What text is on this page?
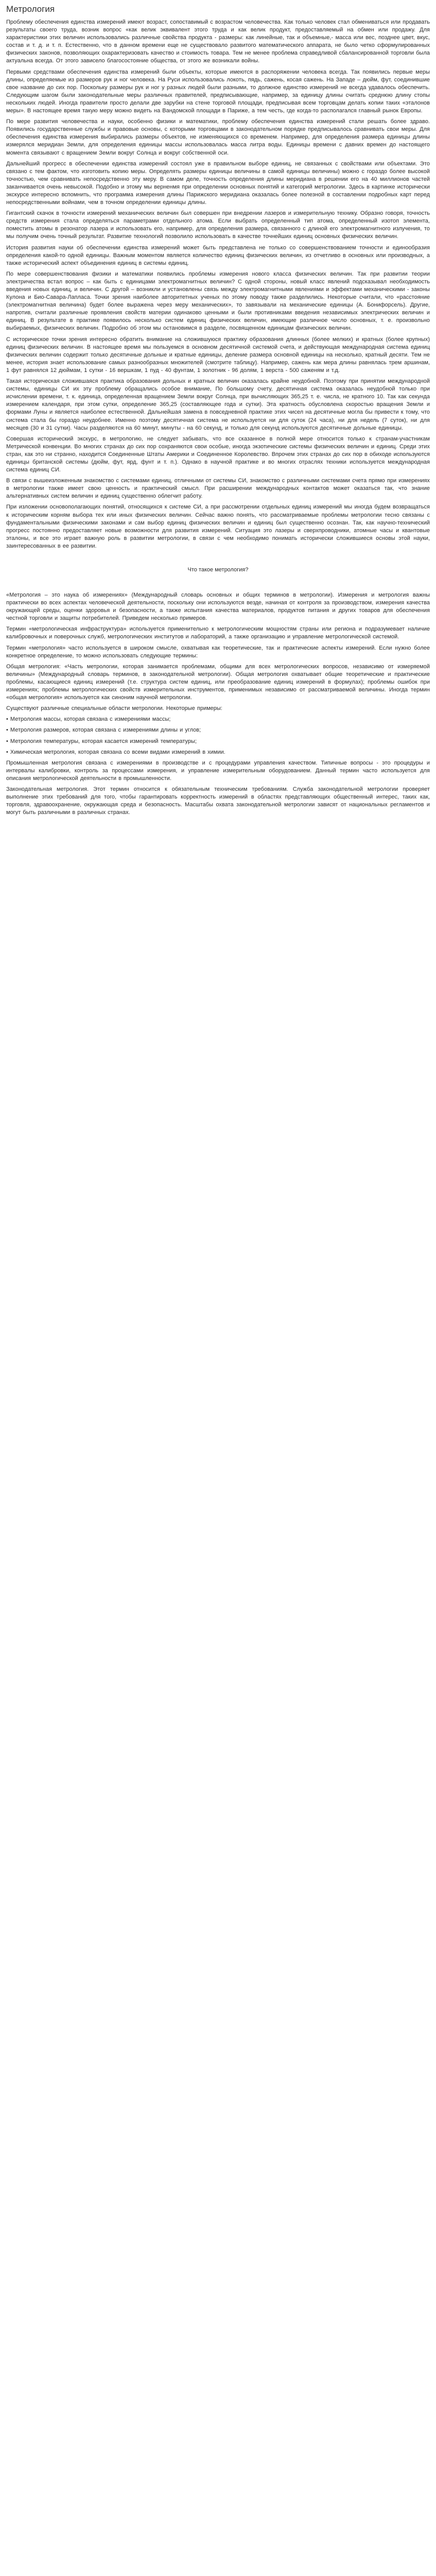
Метрология

Проблему обеспечения единства измерений имеют возраст, сопоставимый с возрастом человечества. Как только человек стал обмениваться или продавать результаты своего труда, возник вопрос «как велик эквивалент этого труда и как велик продукт, предоставляемый на обмен или продажу. Для характеристики этих величин использовались различные свойства продукта - размеры: как линейные, так и объемные,- масса или вес, позднее цвет, вкус, состав и т. д. и т. п. Естественно, что в данном времени еще не существовало развитого математического аппарата, не было четко сформулированных физических законов, позволяющих охарактеризовать качество и стоимость товара. Тем не менее проблема справедливой сбалансированной торговли была актуальна всегда. От этого зависело благосостояние общества, от этого же возникали войны.

Первыми средствами обеспечения единства измерений были объекты, которые имеются в распоряжении человека всегда. Так появились первые меры длины, определяемые из размеров рук и ног человека. На Руси использовались локоть, пядь, сажень, косая сажень. На Западе – дюйм, фут, соединившие свое название до сих пор. Поскольку размеры рук и ног у разных людей были разными, то должное единство измерений не всегда удавалось обеспечить. Следующим шагом были законодательные меры различных правителей, предписывающие, например, за единицу длины считать среднюю длину стопы нескольких людей. Иногда правители просто делали две зарубки на стене торговой площади, предписывая всем торговцам делать копии таких «эталонов меры». В настоящее время такую меру можно видеть на Вандомской площади в Париже, а тем честь, где когда-то располагался главный рынок Европы.

По мере развития человечества и науки, особенно физики и математики, проблему обеспечения единства измерений стали решать более здраво. Появились государственные службы и правовые основы, с которыми торговцами в законодательном порядке предписывалось сравнивать свои меры. Для обеспечения единства измерения выбирались размеры объектов, не изменяющихся со временем. Например, для определения размера единицы длины измерялся меридиан Земли, для определения единицы массы использовалась масса литра воды. Единицы времени с давних времен до настоящего момента связывают с вращением Земли вокруг Солнца и вокруг собственной оси.

Дальнейший прогресс в обеспечении единства измерений состоял уже в правильном выборе единиц, не связанных с свойствами или объектами. Это связано с тем фактом, что изготовить копию меры. Определять размеры единицы величины в самой единицы величины) можно с гораздо более высокой точностью, чем сравнивать непосредственно эту меру. В самом деле, точность определения длины меридиана в решении его на 40 миллионов частей заканчивается очень невысокой. Подобно и этому мы верненмя при определении основных понятий и категорий метрологии. Здесь в картинке исторически экскурсе интересно вспомнить, что программа измерения длины Парижского меридиана оказалась более полезной в составлении подробных карт перед непосредственными войнами, чем в точном определении единицы длины.

Гигантский скачок в точности измерений механических величин был совершен при внедрении лазеров и измерительную технику. Образно говоря, точность средств измерения стала определяться параметрами отдельного атома. Если выбрать определенный тип атома, определенный изотоп элемента, поместить атомы в резонатор лазера и использовать его, например, для определения размера, связанного с длиной его электромагнитного излучения, то мы получим очень точный результат. Развитие технологий позволило использовать в качестве точнейших единиц основных физических величин.

История развития науки об обеспечении единства измерений может быть представлена не только со совершенствованием точности и единообразия определения какой-то одной единицы. Важным моментом является количество единиц физических величин, из отчетливо в основных или производных, а также исторический аспект объединения единиц в системы единиц.

По мере совершенствования физики и математики появились проблемы измерения нового класса физических величин. Так при развитии теории электричества встал вопрос – как быть с единицами электромагнитных величин? С одной стороны, новый класс явлений подсказывал необходимость введения новых единиц, и величин. С другой – возникли и установлены связь между электромагнитными явлениями и эффектами механическими - законы Кулона и Био-Савара-Лапласа. Точки зрения наиболее авторитетных ученых по этому поводу также разделились. Некоторые считали, что «расстояние (электромагнитная величина) будет более выражена через меру механических», то завязывали на механические единицы (А. Бонифорсель). Другие, напротив, считали различные проявления свойств материи одинаково ценными и были противниками введения независимых электрических величин и единиц. В результате в практике появилось несколько систем единиц физических величин, имеющие различное число основных, т. е. произвольно выбираемых, физических величин. Подробно об этом мы остановимся в разделе, посвященном единицам физических величин.

С историческое точки зрения интересно обратить внимание на сложившуюся практику образования длинных (более мелких) и кратных (более крупных) единиц физических величин. В настоящее время мы пользуемся в основном десятичной системой счета, и действующая международная система единиц физических величин содержит только десятичные дольные и кратные единицы, деление размера основной единицы на несколько, кратный десяти. Тем не менее, история знает использование самых разнообразных множителей (смотрите таблицу). Например, сажень как мера длины равнялась трем аршинам, 1 фут равнялся 12 дюймам, 1 сутки - 16 вершкам, 1 пуд - 40 фунтам, 1 золотник - 96 долям, 1 верста - 500 саженям и т.д.

Такая историческая сложившаяся практика образования дольных и кратных величин оказалась крайне неудобной. Поэтому при принятии международной системы, единицы СИ их эту проблему обращались особое внимание, По большому счету, десятичная система оказалась неудобной только при исчислении времени, т. к. единица, определенная вращением Земли вокруг Солнца, при вычисляющих 365,25 т. е. числа, не кратного 10. Так как секунда измерением календаря, при этом сутки, определение 365,25 (составляющее года и сутки). Эта кратность обусловлена скоростью вращения Земли и формами Луны и является наиболее естественной. Дальнейшая замена в повседневной практике этих чисел на десятичные могла бы привести к тому, что система стала бы гораздо неудобнее. Именно поэтому десятичная система не используется ни для суток (24 часа), ни для недель (7 суток), ни для месяцев (30 и 31 сутки). Часы разделяются на 60 минут, минуты - на 60 секунд, и только для секунд используются десятичные дольные единицы.

Совершая исторический экскурс, в метрологию, не следует забывать, что все сказанное в полной мере относится только к странам-участникам Метрической конвенции. Во многих странах до сих пор сохраняются свои особые, иногда экзотические системы физических величин и единиц. Среди этих стран, как это ни странно, находится Соединенные Штаты Америки и Соединенное Королевство. Впрочем этих странах до сих пор в обиходе используются единицы британской системы (дюйм, фут, ярд, фунт и т. п.). Однако в научной практике и во многих отраслях техники используется международная система единиц СИ.

В связи с вышеизложенным знакомство с системами единиц, отличными от системы СИ, знакомство с различными системами счета прямо при измерениях в метрологии также имеет свою ценность и практический смысл. При расширении международных контактов может оказаться так, что знание альтернативных систем величин и единиц существенно облегчит работу.

При изложении основополагающих понятий, относящихся к системе СИ, а при рассмотрении отдельных единиц измерений мы иногда будем возвращаться к историческим корням выбора тех или иных физических величин. Сейчас важно понять, что рассматриваемые проблемы метрологии тесно связаны с фундаментальными физическими законами и сам выбор единиц физических величин и единиц был существенно осознан. Так, как научно-технический прогресс постоянно предоставляет новые возможности для развития измерений. Ситуация это лазеры и сверхпроводники, атомные часы и квантовые эталоны, и все это играет важную роль в развитии метрологии, в связи с чем необходимо понимать исторически сложившиеся основы этой науки, заинтересованных в ее развитии.

Что такое метрология?

«Метрология – это наука об измерениях» (Международный словарь основных и общих терминов в метрологии). Измерения и метрология важны практически во всех аспектах человеческой деятельности, поскольку они используются везде, начиная от контроля за производством, измерения качества окружающей среды, оценки здоровья и безопасности, а также испытания качества материалов, продуктов питания и других товаров для обеспечения честной торговли и защиты потребителей. Приведем несколько примеров.

Термин «метрологическая инфраструктура» используется применительно к метрологическим мощностям страны или региона и подразумевает наличие калибровочных и поверочных служб, метрологических институтов и лабораторий, а также организацию и управление метрологической системой.

Термин «метрология» часто используется в широком смысле, охватывая как теоретические, так и практические аспекты измерений. Если нужно более конкретное определение, то можно использовать следующие термины:

Общая метрология: «Часть метрологии, которая занимается проблемами, общими для всех метрологических вопросов, независимо от измеряемой величины» (Международный словарь терминов, в законодательной метрологии). Общая метрология охватывает общие теоретические и практические проблемы, касающиеся единиц измерений (т.е. структура систем единиц, или преобразование единиц измерений в формулах); проблемы ошибок при измерениях; проблемы метрологических свойств измерительных инструментов, применимых независимо от рассматриваемой величины. Иногда термин «общая метрология» используется как синоним научной метрологии.

Существуют различные специальные области метрологии. Некоторые примеры:

• Метрология массы, которая связана с измерениями массы;

• Метрология размеров, которая связана с измерениями длины и углов;

• Метрология температуры, которая касается измерений температуры;

• Химическая метрология, которая связана со всеми видами измерений в химии.

Промышленная метрология связана с измерениями в производстве и с процедурами управления качеством. Типичные вопросы - это процедуры и интервалы калибровки, контроль за процессами измерения, и управление измерительным оборудованием. Данный термин часто используется для описания метрологической деятельности в промышленности.

Законодательная метрология. Этот термин относится к обязательным техническим требованиям. Служба законодательной метрологии проверяет выполнение этих требований для того, чтобы гарантировать корректность измерений в областях представляющих общественный интерес, таких как, торговля, здравоохранение, окружающая среда и безопасность. Масштабы охвата законодательной метрологии зависят от национальных регламентов и могут быть различными в различных странах.
